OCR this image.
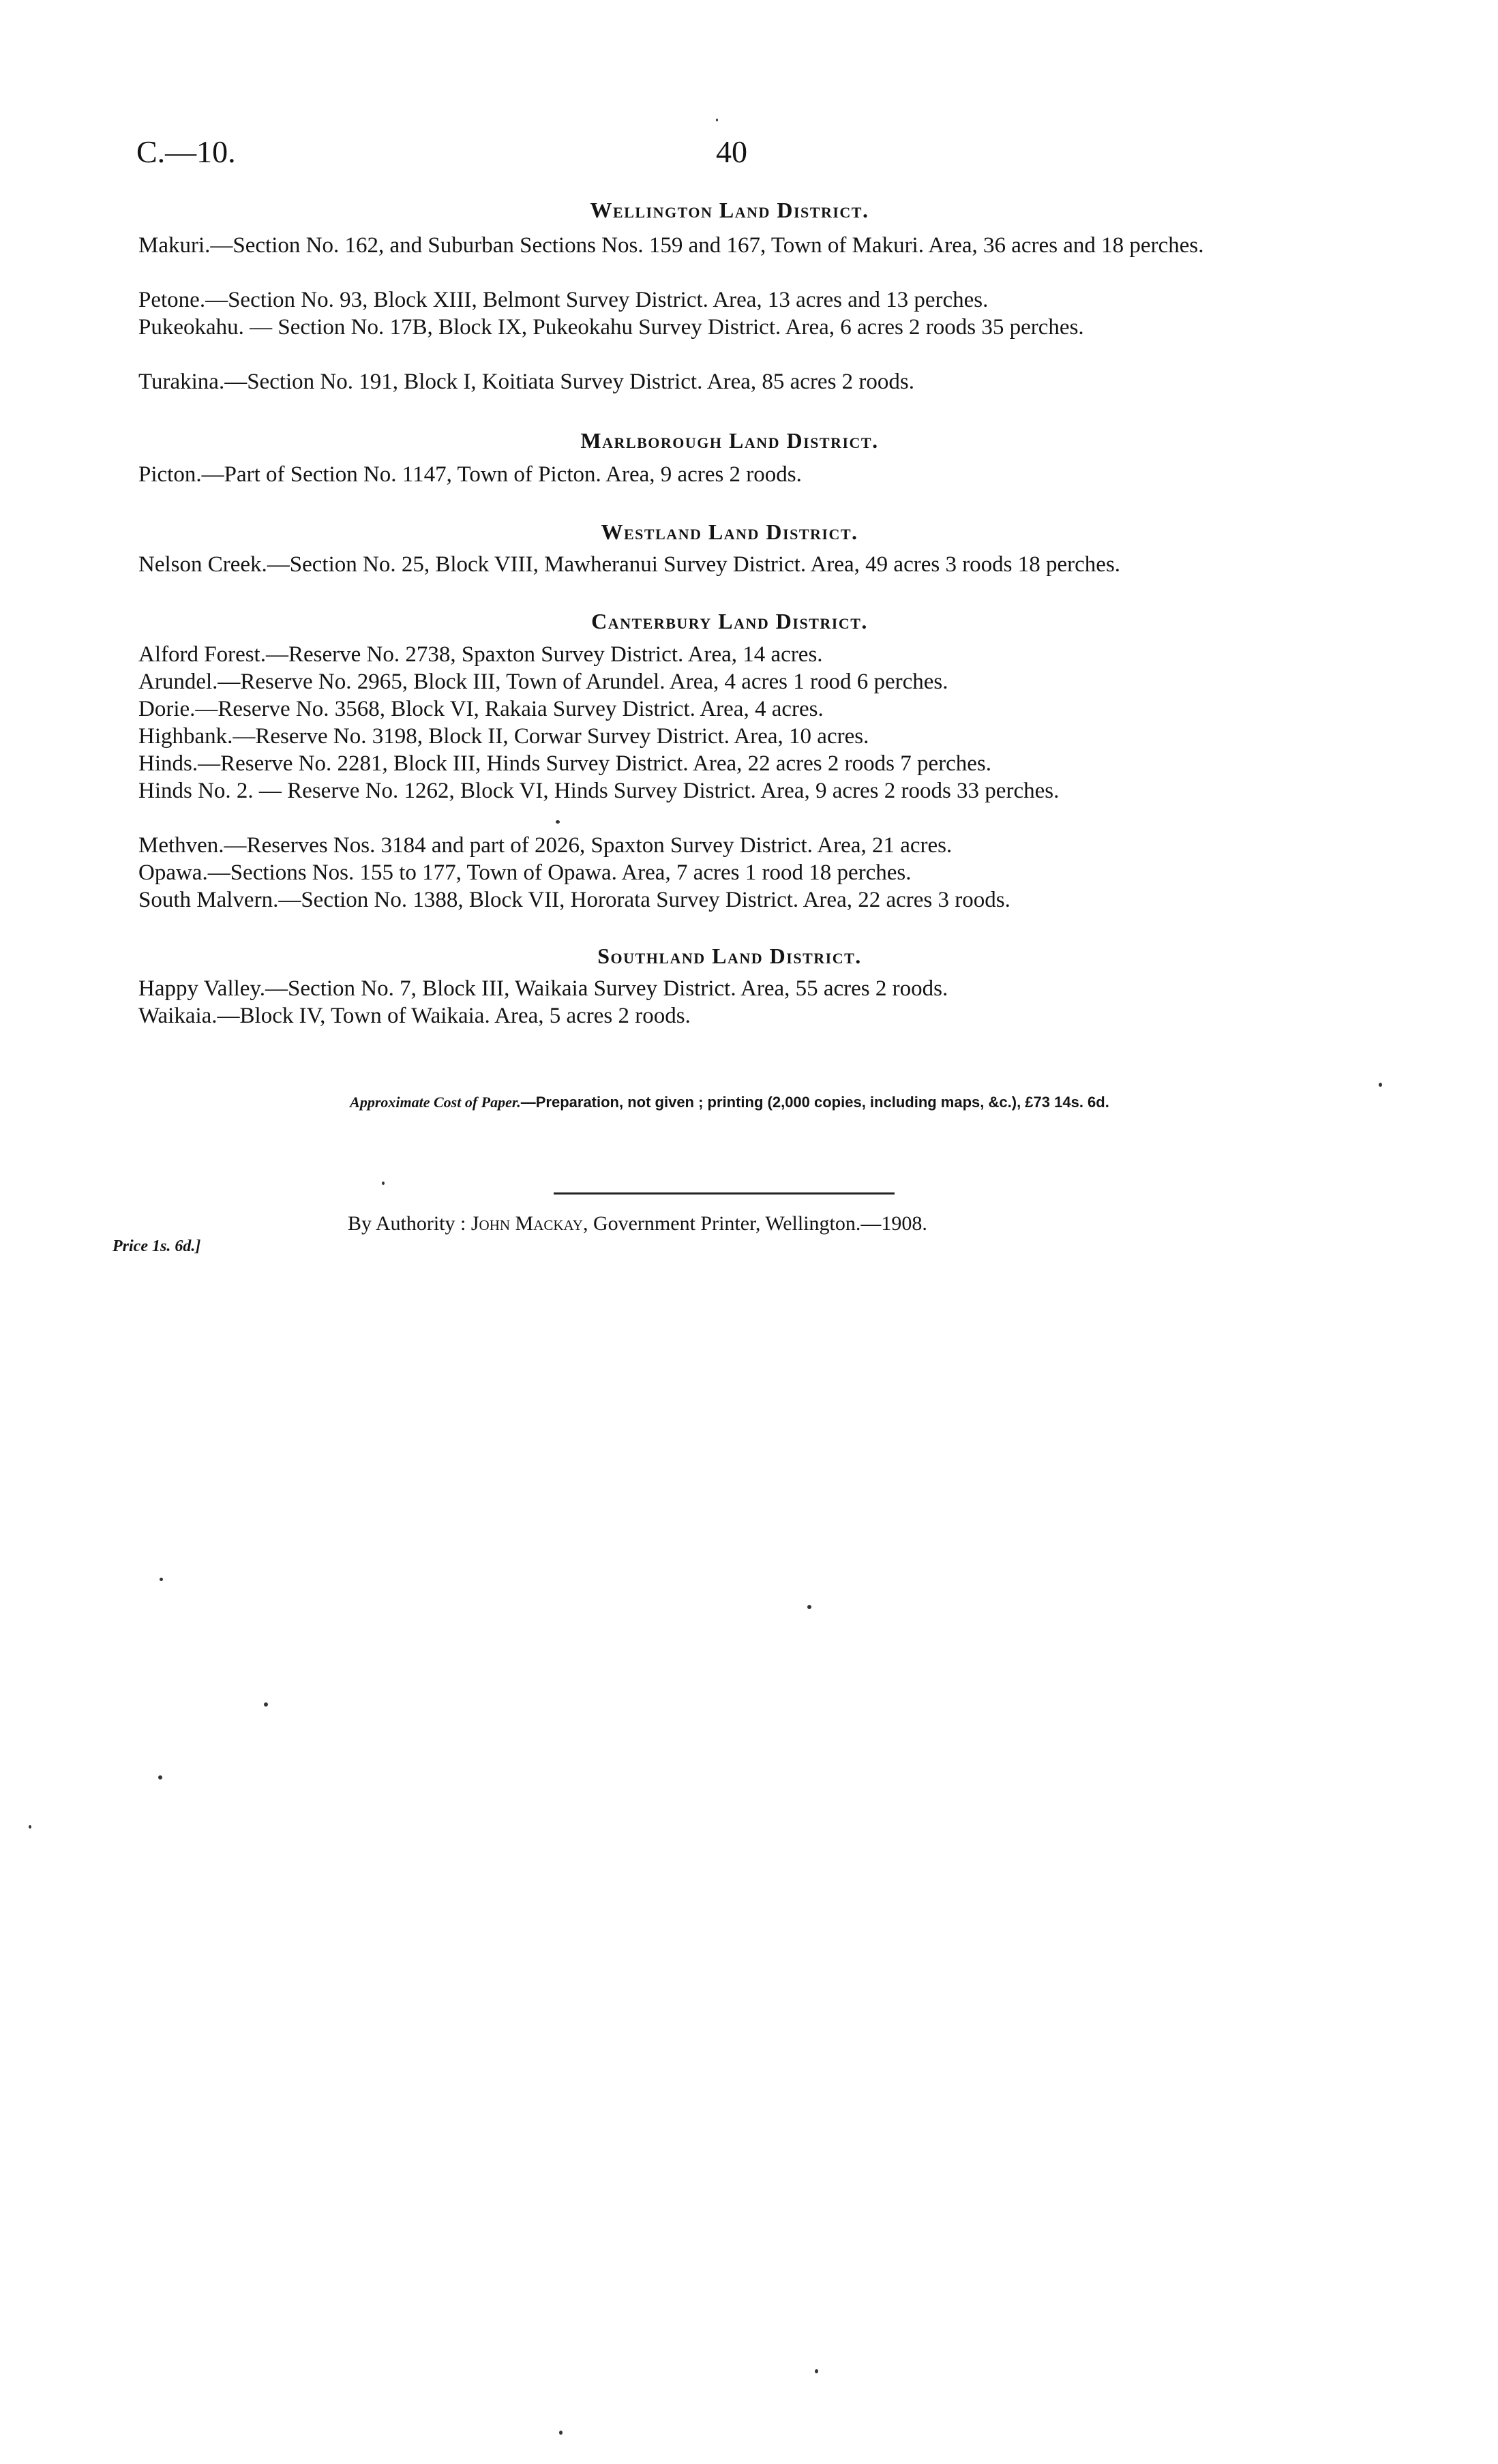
C.—10.	40
Wellington Land District.
Makuri.—Section No. 162, and Suburban Sections Nos. 159 and 167, Town of Makuri. Area, 36 acres and 18 perches.
Petone.—Section No. 93, Block XIII, Belmont Survey District. Area, 13 acres and 13 perches.
Pukeokahu. — Section No. 17B, Block IX, Pukeokahu Survey District. Area, 6 acres 2 roods 35 perches.
Turakina.—Section No. 191, Block I, Koitiata Survey District. Area, 85 acres 2 roods.
Marlborough Land District.
Picton.—Part of Section No. 1147, Town of Picton. Area, 9 acres 2 roods.
Westland Land District.
Nelson Creek.—Section No. 25, Block VIII, Mawheranui Survey District. Area, 49 acres 3 roods 18 perches.
Canterbury Land District.
Alford Forest.—Reserve No. 2738, Spaxton Survey District. Area, 14 acres.
Arundel.—Reserve No. 2965, Block III, Town of Arundel. Area, 4 acres 1 rood 6 perches.
Dorie.—Reserve No. 3568, Block VI, Rakaia Survey District. Area, 4 acres.
Highbank.—Reserve No. 3198, Block II, Corwar Survey District. Area, 10 acres.
Hinds.—Reserve No. 2281, Block III, Hinds Survey District. Area, 22 acres 2 roods 7 perches.
Hinds No. 2. — Reserve No. 1262, Block VI, Hinds Survey District. Area, 9 acres 2 roods 33 perches.
Methven.—Reserves Nos. 3184 and part of 2026, Spaxton Survey District. Area, 21 acres.
Opawa.—Sections Nos. 155 to 177, Town of Opawa. Area, 7 acres 1 rood 18 perches.
South Malvern.—Section No. 1388, Block VII, Hororata Survey District. Area, 22 acres 3 roods.
Southland Land District.
Happy Valley.—Section No. 7, Block III, Waikaia Survey District. Area, 55 acres 2 roods.
Waikaia.—Block IV, Town of Waikaia. Area, 5 acres 2 roods.
Approximate Cost of Paper.—Preparation, not given ; printing (2,000 copies, including maps, &c.), £73 14s. 6d.
By Authority : John Mackay, Government Printer, Wellington.—1908.
Price 1s. 6d.]
